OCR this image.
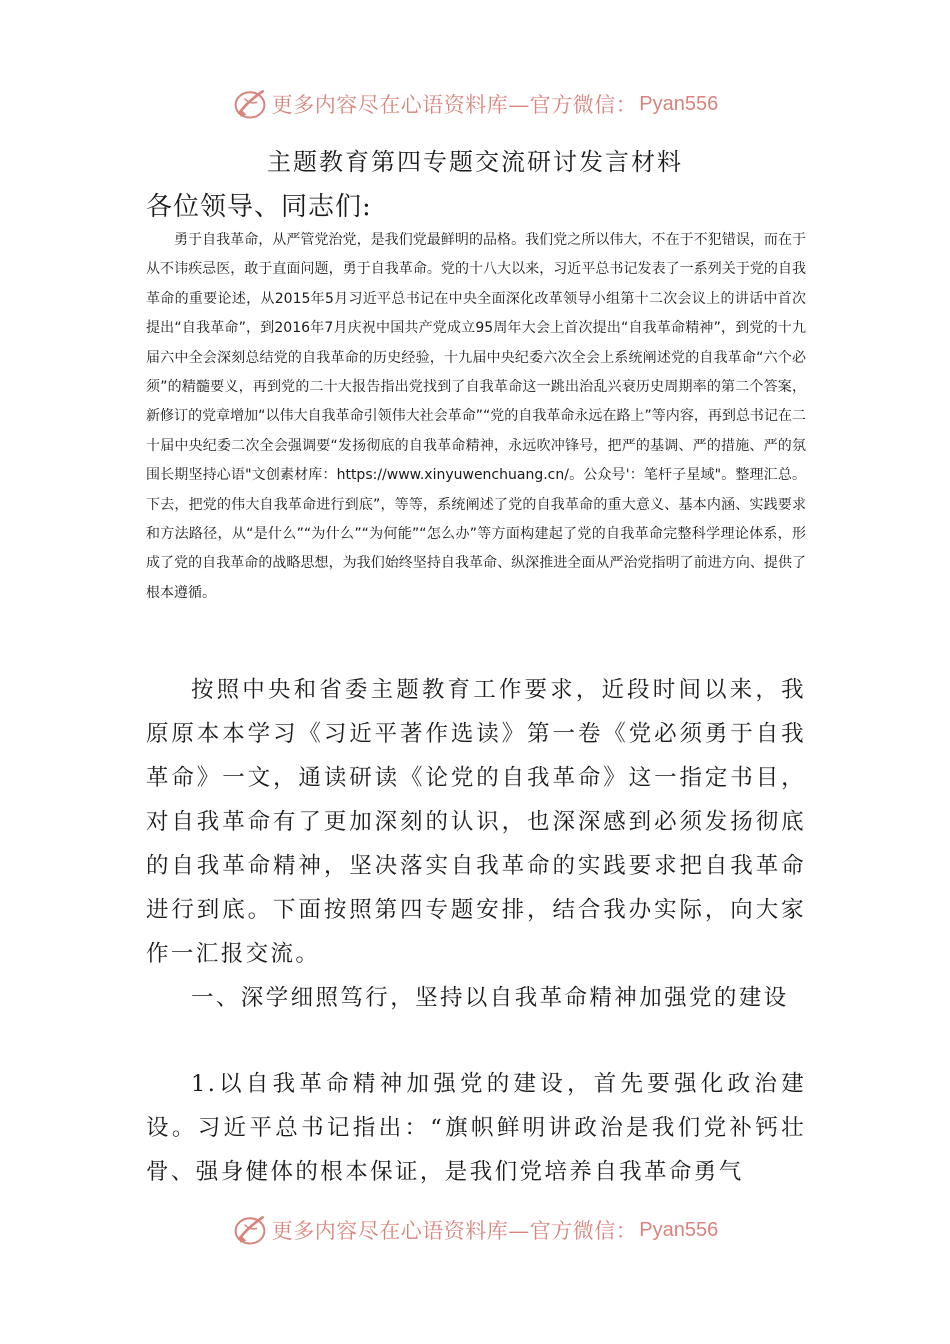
更多内容尽在心语资料库—官方微信： Pyan556
主题教育第四专题交流研讨发言材料
各位领导、同志们:

勇于自我革命，从严管党治党，是我们党最鲜明的品格。我们党之所以伟大，不在于不犯错误，而在于从不讳疾忌医，敢于直面问题，勇于自我革命。党的十八大以来，习近平总书记发表了一系列关于党的自我革命的重要论述，从2015年5月习近平总书记在中央全面深化改革领导小组第十二次会议上的讲话中首次提出“自我革命”，到2016年7月庆祝中国共产党成立95周年大会上首次提出“自我革命精神”，到党的十九届六中全会深刻总结党的自我革命的历史经验，十九届中央纪委六次全会上系统阐述党的自我革命“六个必须”的精髓要义，再到党的二十大报告指出党找到了自我革命这一跳出治乱兴衰历史周期率的第二个答案，新修订的党章增加“以伟大自我革命引领伟大社会革命”“党的自我革命永远在路上”等内容，再到总书记在二十届中央纪委二次全会强调要“发扬彻底的自我革命精神，永远吹冲锋号，把严的基调、严的措施、严的氛围长期坚持心语"文创素材库：https://www.xinyuwenchuang.cn/。公众号'：笔杆子星域"。整理汇总。下去，把党的伟大自我革命进行到底”，等等，系统阐述了党的自我革命的重大意义、基本内涵、实践要求和方法路径，从“是什么”“为什么”“为何能”“怎么办”等方面构建起了党的自我革命完整科学理论体系，形成了党的自我革命的战略思想，为我们始终坚持自我革命、纵深推进全面从严治党指明了前进方向、提供了根本遵循。

按照中央和省委主题教育工作要求，近段时间以来，我原原本本学习《习近平著作选读》第一卷《党必须勇于自我革命》一文，通读研读《论党的自我革命》这一指定书目，对自我革命有了更加深刻的认识，也深深感到必须发扬彻底的自我革命精神，坚决落实自我革命的实践要求把自我革命进行到底。下面按照第四专题安排，结合我办实际，向大家作一汇报交流。

一、深学细照笃行，坚持以自我革命精神加强党的建设

1.以自我革命精神加强党的建设，首先要强化政治建设。习近平总书记指出：“旗帜鲜明讲政治是我们党补钙壮骨、强身健体的根本保证，是我们党培养自我革命勇气

更多内容尽在心语资料库—官方微信： Pyan556
